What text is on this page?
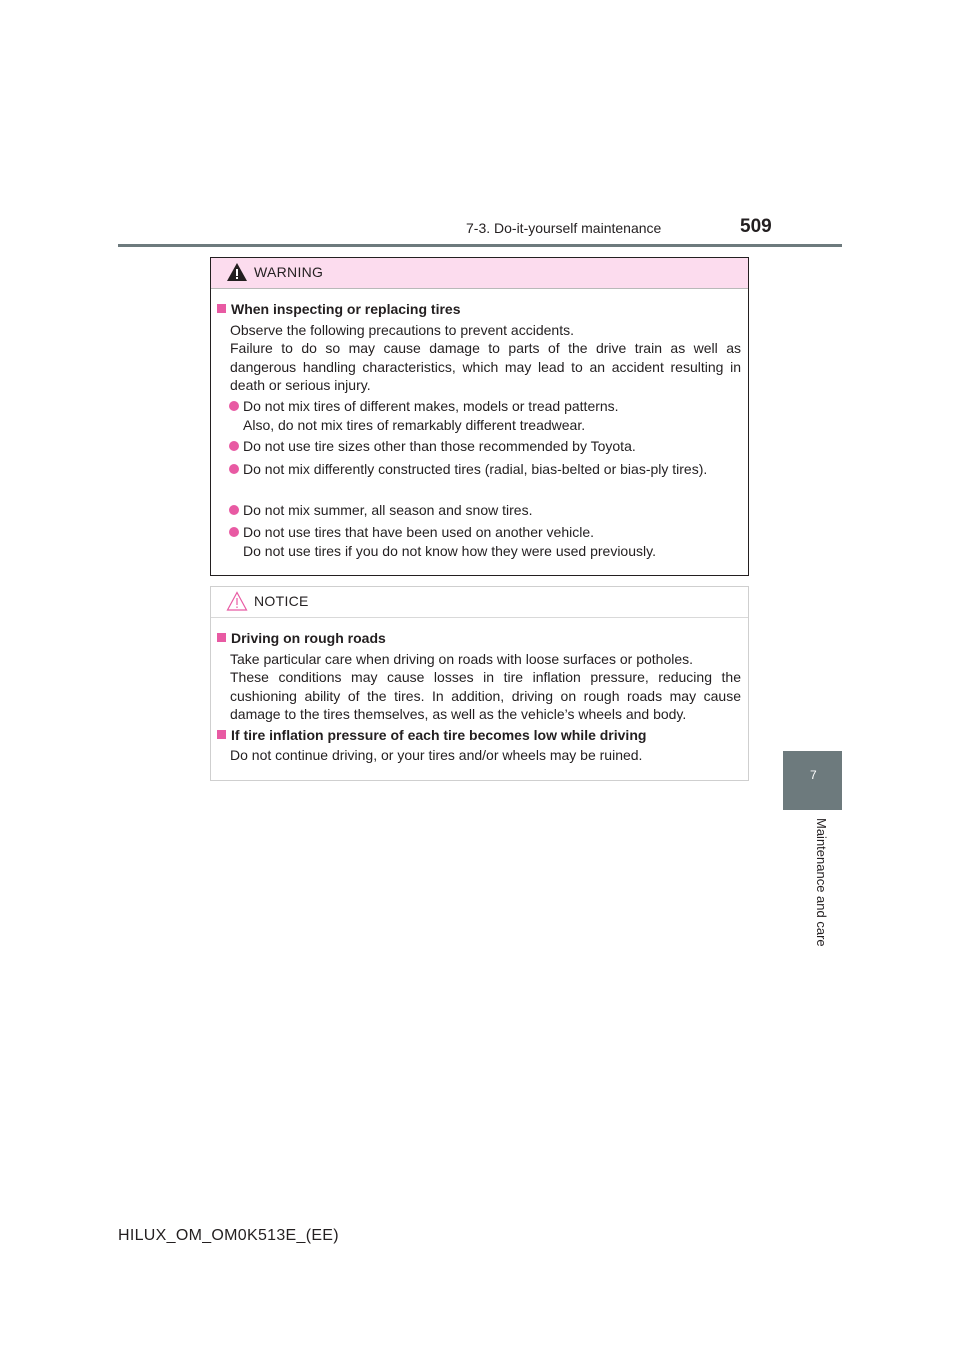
7-3. Do-it-yourself maintenance	509
7
Maintenance and care
WARNING
When inspecting or replacing tires
Observe the following precautions to prevent accidents.
Failure to do so may cause damage to parts of the drive train as well as dangerous handling characteristics, which may lead to an accident resulting in death or serious injury.
Do not mix tires of different makes, models or tread patterns.
Also, do not mix tires of remarkably different treadwear.
Do not use tire sizes other than those recommended by Toyota.
Do not mix differently constructed tires (radial, bias-belted or bias-ply tires).
Do not mix summer, all season and snow tires.
Do not use tires that have been used on another vehicle.
Do not use tires if you do not know how they were used previously.
NOTICE
Driving on rough roads
Take particular care when driving on roads with loose surfaces or potholes.
These conditions may cause losses in tire inflation pressure, reducing the cushioning ability of the tires. In addition, driving on rough roads may cause damage to the tires themselves, as well as the vehicle’s wheels and body.
If tire inflation pressure of each tire becomes low while driving
Do not continue driving, or your tires and/or wheels may be ruined.
HILUX_OM_OM0K513E_(EE)
